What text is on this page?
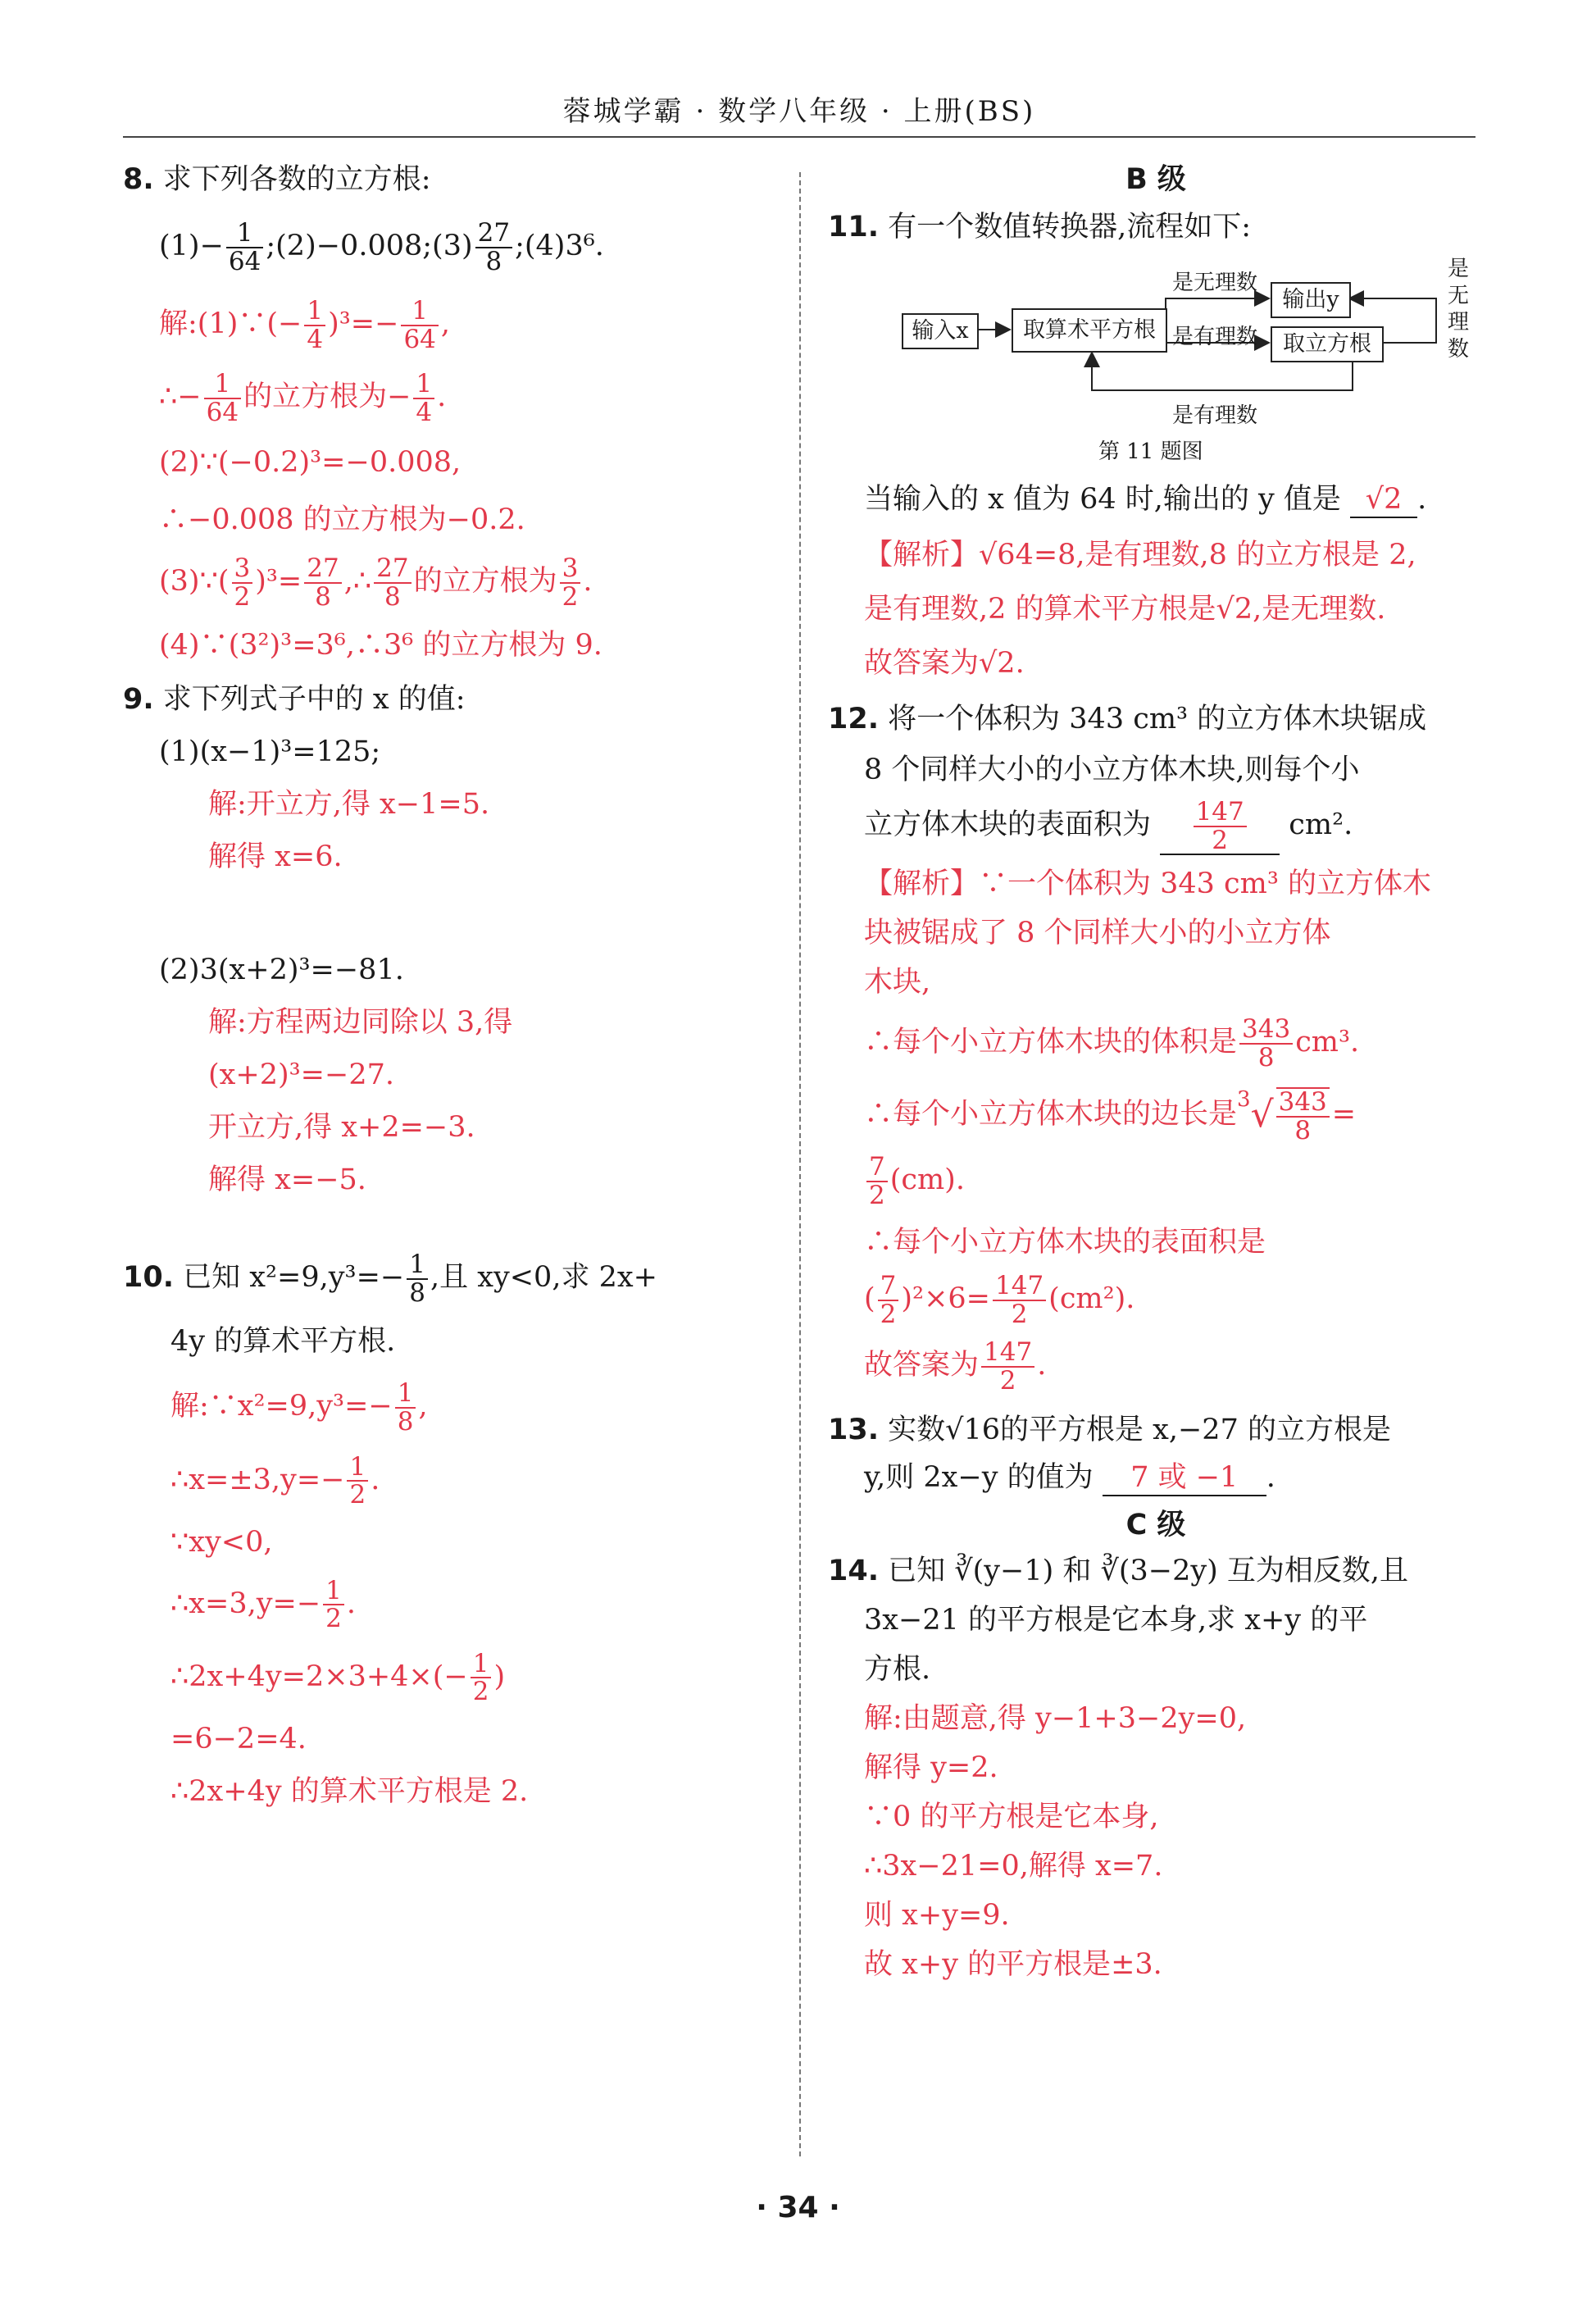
蓉城学霸 · 数学八年级 · 上册(BS)
8. 求下列各数的立方根:
$(1)- \frac{1}{64}$ ;(2)−0.008;(3) $\frac{27}{8}$ ;(4)3⁶.
解:(1)∵(− $\frac{1}{4} )^3=- \frac{1}{64}$ ,
∴− $\frac{1}{64}$ 的立方根为− $\frac{1}{4}$ .
(2)∵(−0.2)³=−0.008,
∴−0.008 的立方根为−0.2.
(3)∵( $\frac{3}{2} )^3= \frac{27}{8}$ ,∴ $\frac{27}{8}$ 的立方根为 $\frac{3}{2}$ .
(4)∵(3²)³=3⁶,∴3⁶ 的立方根为 9.
9. 求下列式子中的 x 的值:
(1)(x−1)³=125;
解:开立方,得 x−1=5.
解得 x=6.
(2)3(x+2)³=−81.
解:方程两边同除以 3,得
(x+2)³=−27.
开立方,得 x+2=−3.
解得 x=−5.
10. 已知 $x^2=9,y^3=- \frac{1}{8}$ ,且 xy<0,求 2x+
4y 的算术平方根.
解:∵x²=9,y³=− $\frac{1}{8}$ ,
∴x=±3,y=− $\frac{1}{2}$ .
∵xy<0,
∴x=3,y=− $\frac{1}{2}$ .
∴2x+4y=2×3+4×(− $\frac{1}{2}$ )
=6−2=4.
∴2x+4y 的算术平方根是 2.
B 级
11. 有一个数值转换器,流程如下:
输入x	取算术平方根
输出y
取立方根
是无理数
是有理数
是有理数
是无理数
第 11 题图
当输入的 x 值为 64 时,输出的 y 值是 √2 .
【解析】√64=8,是有理数,8 的立方根是 2,
是有理数,2 的算术平方根是√2,是无理数.
故答案为√2.
12. 将一个体积为 343 cm³ 的立方体木块锯成
8 个同样大小的小立方体木块,则每个小
立方体木块的表面积为 $\frac{147}{2} cm^2$.
【解析】∵一个体积为 343 cm³ 的立方体木
块被锯成了 8 个同样大小的小立方体
木块,
∴每个小立方体木块的体积是 $\frac{343}{8} cm^3$.
∴每个小立方体木块的边长是$^3√ \frac{343}{8}$ =
$\frac{7}{2} (cm)$.
∴每个小立方体木块的表面积是
( $\frac{7}{2} )^2\times 6= \frac{147}{2} (cm^2)$.
故答案为 $\frac{147}{2}$ .
13. 实数√16的平方根是 x,−27 的立方根是
y,则 2x−y 的值为 7 或 −1 .
C 级
14. 已知 ∛(y−1) 和 ∛(3−2y) 互为相反数,且
3x−21 的平方根是它本身,求 x+y 的平
方根.
解:由题意,得 y−1+3−2y=0,
解得 y=2.
∵0 的平方根是它本身,
∴3x−21=0,解得 x=7.
则 x+y=9.
故 x+y 的平方根是±3.
· 34 ·
